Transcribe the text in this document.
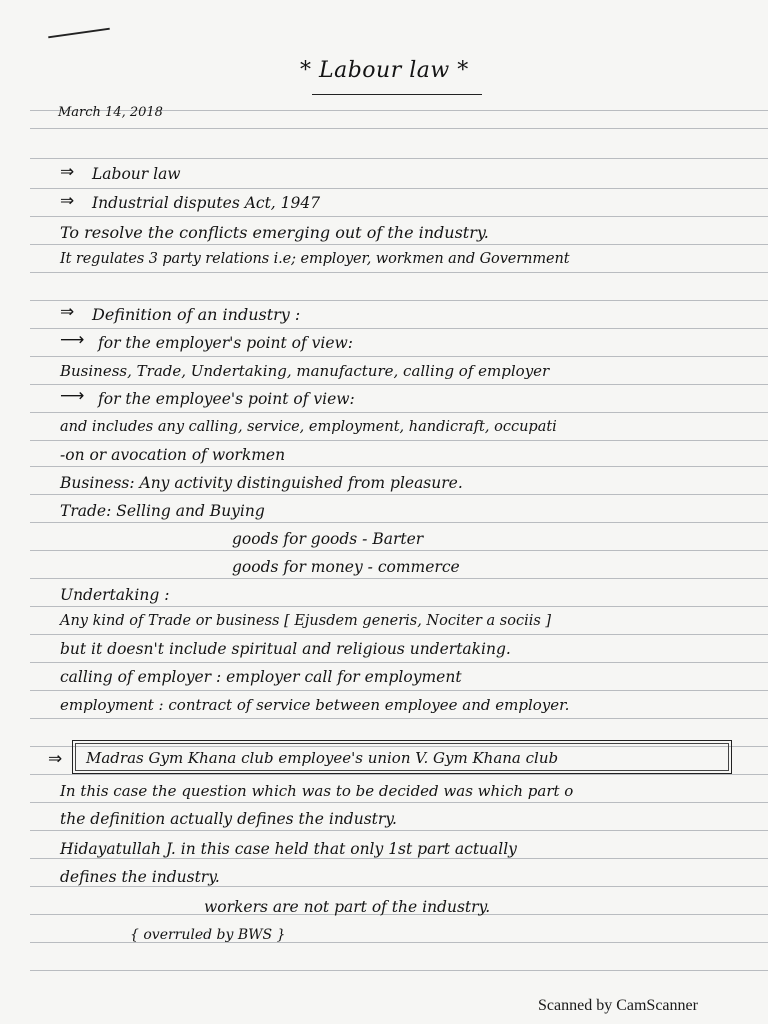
* Labour law *
March 14, 2018
⇒
⇒
⇒
⟶
⟶
⇒
Labour law
Industrial disputes Act, 1947
To resolve the conflicts emerging out of the industry.
It regulates 3 party relations i.e; employer, workmen and Government
Definition of an industry :
for the employer's point of view:
Business, Trade, Undertaking, manufacture, calling of employer
for the employee's point of view:
and includes any calling, service, employment, handicraft, occupati
-on or avocation of workmen
Business: Any activity distinguished from pleasure.
Trade: Selling and Buying
goods for goods - Barter
goods for money - commerce
Undertaking :
Any kind of Trade or business [ Ejusdem generis, Nociter a sociis ]
but it doesn't include spiritual and religious undertaking.
calling of employer : employer call for employment
employment : contract of service between employee and employer.
Madras Gym Khana club employee's union V. Gym Khana club
In this case the question which was to be decided was which part o
the definition actually defines the industry.
Hidayatullah J. in this case held that only 1st part actually
defines the industry.
workers are not part of the industry.
{ overruled by BWS }
Scanned by CamScanner
